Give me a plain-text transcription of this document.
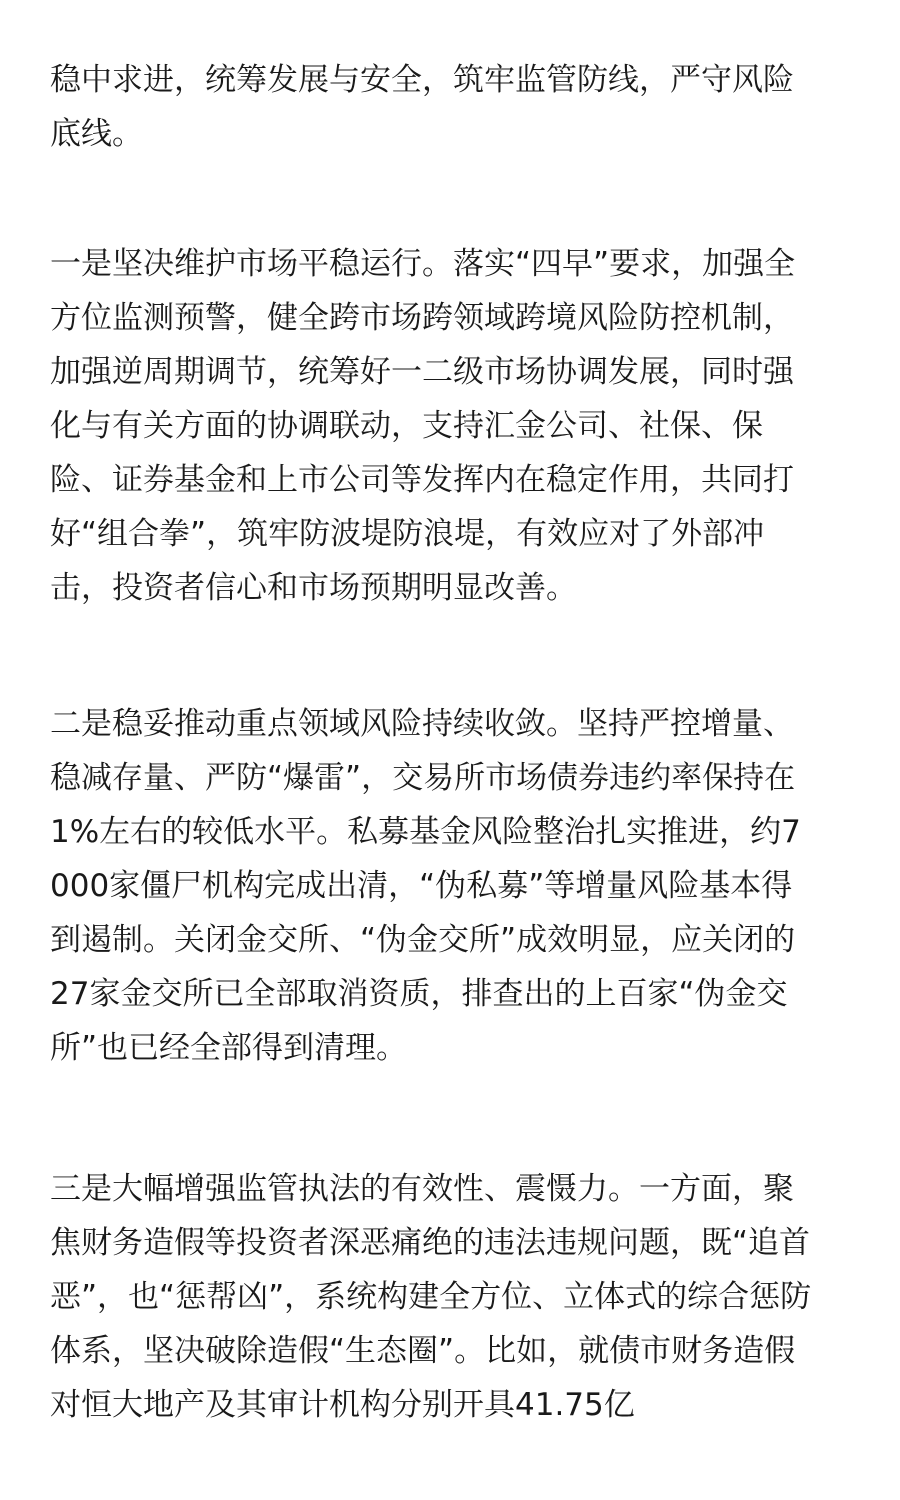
稳中求进，统筹发展与安全，筑牢监管防线，严守风险
底线。

一是坚决维护市场平稳运行。落实“四早”要求，加强全
方位监测预警，健全跨市场跨领域跨境风险防控机制，
加强逆周期调节，统筹好一二级市场协调发展，同时强
化与有关方面的协调联动，支持汇金公司、社保、保
险、证券基金和上市公司等发挥内在稳定作用，共同打
好“组合拳”，筑牢防波堤防浪堤，有效应对了外部冲
击，投资者信心和市场预期明显改善。

二是稳妥推动重点领域风险持续收敛。坚持严控增量、
稳减存量、严防“爆雷”，交易所市场债券违约率保持在
1%左右的较低水平。私募基金风险整治扎实推进，约7
000家僵尸机构完成出清，“伪私募”等增量风险基本得
到遏制。关闭金交所、“伪金交所”成效明显，应关闭的
27家金交所已全部取消资质，排查出的上百家“伪金交
所”也已经全部得到清理。

三是大幅增强监管执法的有效性、震慑力。一方面，聚
焦财务造假等投资者深恶痛绝的违法违规问题，既“追首
恶”，也“惩帮凶”，系统构建全方位、立体式的综合惩防
体系，坚决破除造假“生态圈”。比如，就债市财务造假
对恒大地产及其审计机构分别开具41.75亿
